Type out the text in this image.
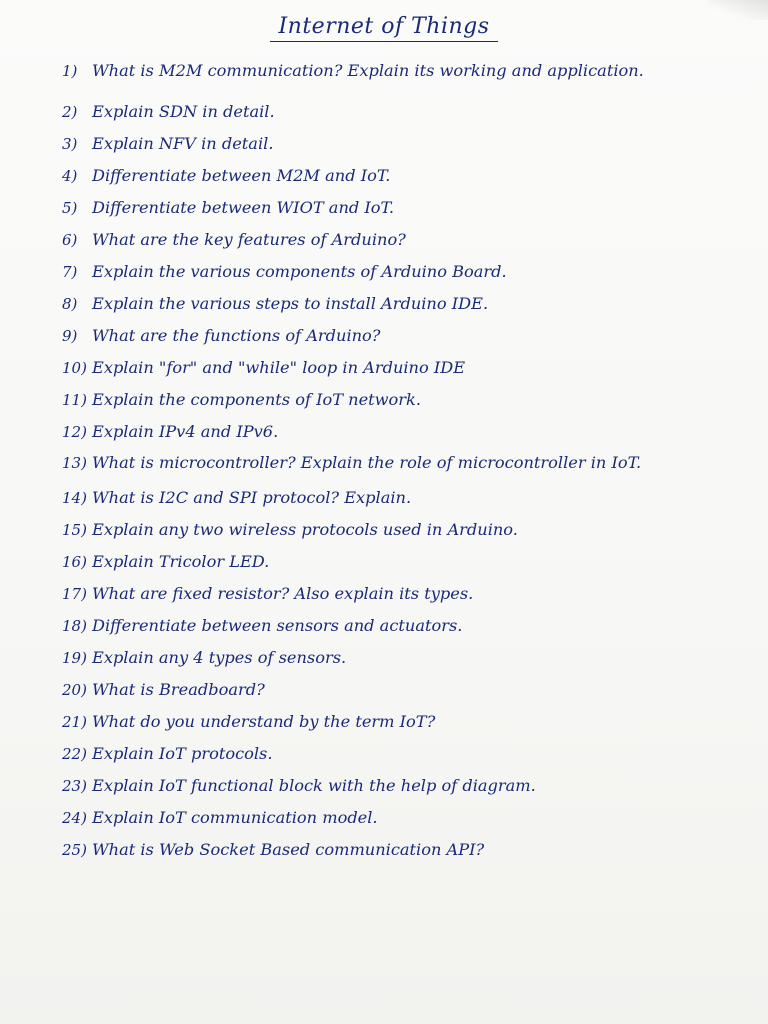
Internet of Things
1) What is M2M communication? Explain its working and application.
2) Explain SDN in detail.
3) Explain NFV in detail.
4) Differentiate between M2M and IoT.
5) Differentiate between WIOT and IoT.
6) What are the key features of Arduino?
7) Explain the various components of Arduino Board.
8) Explain the various steps to install Arduino IDE.
9) What are the functions of Arduino?
10) Explain "for" and "while" loop in Arduino IDE
11) Explain the components of IoT network.
12) Explain IPv4 and IPv6.
13) What is microcontroller? Explain the role of microcontroller in IoT.
14) What is I2C and SPI protocol? Explain.
15) Explain any two wireless protocols used in Arduino.
16) Explain Tricolor LED.
17) What are fixed resistor? Also explain its types.
18) Differentiate between sensors and actuators.
19) Explain any 4 types of sensors.
20) What is Breadboard?
21) What do you understand by the term IoT?
22) Explain IoT protocols.
23) Explain IoT functional block with the help of diagram.
24) Explain IoT communication model.
25) What is Web Socket Based communication API?
